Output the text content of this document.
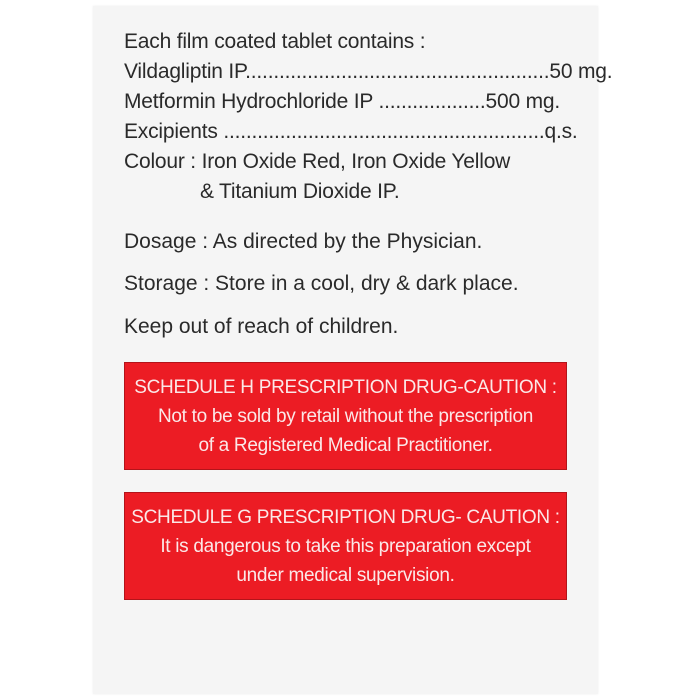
Each film coated tablet contains :
Vildagliptin IP......................................................50 mg.
Metformin Hydrochloride IP ...................500 mg.
Excipients .........................................................q.s.
Colour : Iron Oxide Red, Iron Oxide Yellow
& Titanium Dioxide IP.
Dosage : As directed by the Physician.
Storage : Store in a cool, dry & dark place.
Keep out of reach of children.
SCHEDULE H PRESCRIPTION DRUG-CAUTION :
Not to be sold by retail without the prescription
of a Registered Medical Practitioner.
SCHEDULE G PRESCRIPTION DRUG- CAUTION :
It is dangerous to take this preparation except
under medical supervision.
